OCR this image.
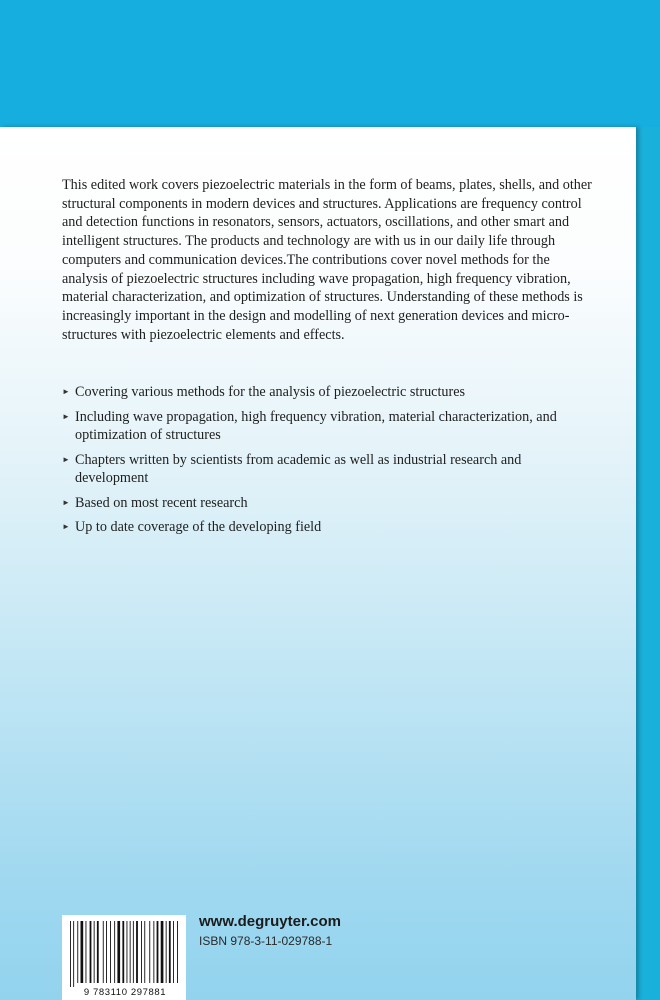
This edited work covers piezoelectric materials in the form of beams, plates, shells, and other structural components in modern devices and structures. Applications are frequency control and detection functions in resonators, sensors, actuators, oscillations, and other smart and intelligent structures. The products and technology are with us in our daily life through computers and communication devices.The contributions cover novel methods for the analysis of piezoelectric structures including wave propagation, high frequency vibration, material characterization, and optimization of structures. Understanding of these methods is increasingly important in the design and modelling of next generation devices and micro-structures with piezoelectric elements and effects.

► Covering various methods for the analysis of piezoelectric structures
► Including wave propagation, high frequency vibration, material characterization, and optimization of structures
► Chapters written by scientists from academic as well as industrial research and development
► Based on most recent research
► Up to date coverage of the developing field
9 783110 297881
www.degruyter.com
ISBN 978-3-11-029788-1
